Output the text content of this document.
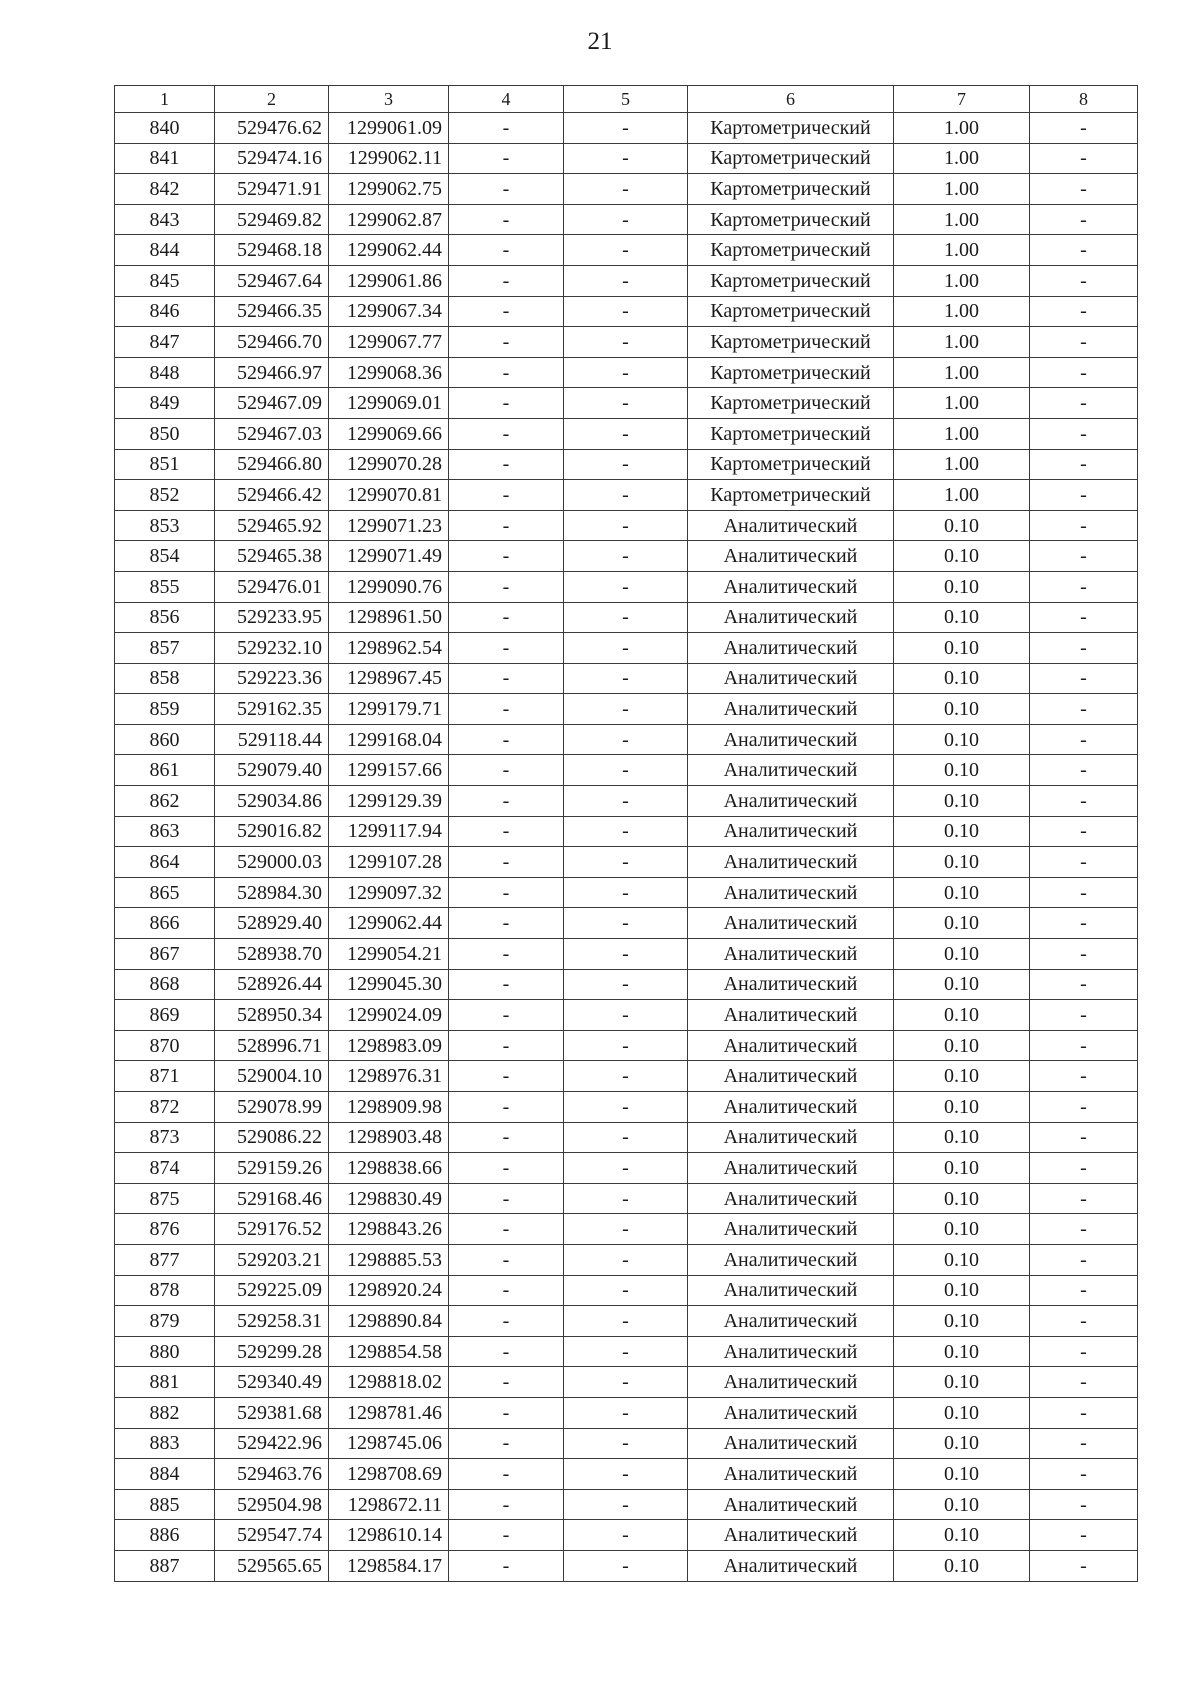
21
1	2	3	4	5	6	7	8
840	529476.62	1299061.09	-	-	Картометрический	1.00	-
841	529474.16	1299062.11	-	-	Картометрический	1.00	-
842	529471.91	1299062.75	-	-	Картометрический	1.00	-
843	529469.82	1299062.87	-	-	Картометрический	1.00	-
844	529468.18	1299062.44	-	-	Картометрический	1.00	-
845	529467.64	1299061.86	-	-	Картометрический	1.00	-
846	529466.35	1299067.34	-	-	Картометрический	1.00	-
847	529466.70	1299067.77	-	-	Картометрический	1.00	-
848	529466.97	1299068.36	-	-	Картометрический	1.00	-
849	529467.09	1299069.01	-	-	Картометрический	1.00	-
850	529467.03	1299069.66	-	-	Картометрический	1.00	-
851	529466.80	1299070.28	-	-	Картометрический	1.00	-
852	529466.42	1299070.81	-	-	Картометрический	1.00	-
853	529465.92	1299071.23	-	-	Аналитический	0.10	-
854	529465.38	1299071.49	-	-	Аналитический	0.10	-
855	529476.01	1299090.76	-	-	Аналитический	0.10	-
856	529233.95	1298961.50	-	-	Аналитический	0.10	-
857	529232.10	1298962.54	-	-	Аналитический	0.10	-
858	529223.36	1298967.45	-	-	Аналитический	0.10	-
859	529162.35	1299179.71	-	-	Аналитический	0.10	-
860	529118.44	1299168.04	-	-	Аналитический	0.10	-
861	529079.40	1299157.66	-	-	Аналитический	0.10	-
862	529034.86	1299129.39	-	-	Аналитический	0.10	-
863	529016.82	1299117.94	-	-	Аналитический	0.10	-
864	529000.03	1299107.28	-	-	Аналитический	0.10	-
865	528984.30	1299097.32	-	-	Аналитический	0.10	-
866	528929.40	1299062.44	-	-	Аналитический	0.10	-
867	528938.70	1299054.21	-	-	Аналитический	0.10	-
868	528926.44	1299045.30	-	-	Аналитический	0.10	-
869	528950.34	1299024.09	-	-	Аналитический	0.10	-
870	528996.71	1298983.09	-	-	Аналитический	0.10	-
871	529004.10	1298976.31	-	-	Аналитический	0.10	-
872	529078.99	1298909.98	-	-	Аналитический	0.10	-
873	529086.22	1298903.48	-	-	Аналитический	0.10	-
874	529159.26	1298838.66	-	-	Аналитический	0.10	-
875	529168.46	1298830.49	-	-	Аналитический	0.10	-
876	529176.52	1298843.26	-	-	Аналитический	0.10	-
877	529203.21	1298885.53	-	-	Аналитический	0.10	-
878	529225.09	1298920.24	-	-	Аналитический	0.10	-
879	529258.31	1298890.84	-	-	Аналитический	0.10	-
880	529299.28	1298854.58	-	-	Аналитический	0.10	-
881	529340.49	1298818.02	-	-	Аналитический	0.10	-
882	529381.68	1298781.46	-	-	Аналитический	0.10	-
883	529422.96	1298745.06	-	-	Аналитический	0.10	-
884	529463.76	1298708.69	-	-	Аналитический	0.10	-
885	529504.98	1298672.11	-	-	Аналитический	0.10	-
886	529547.74	1298610.14	-	-	Аналитический	0.10	-
887	529565.65	1298584.17	-	-	Аналитический	0.10	-
